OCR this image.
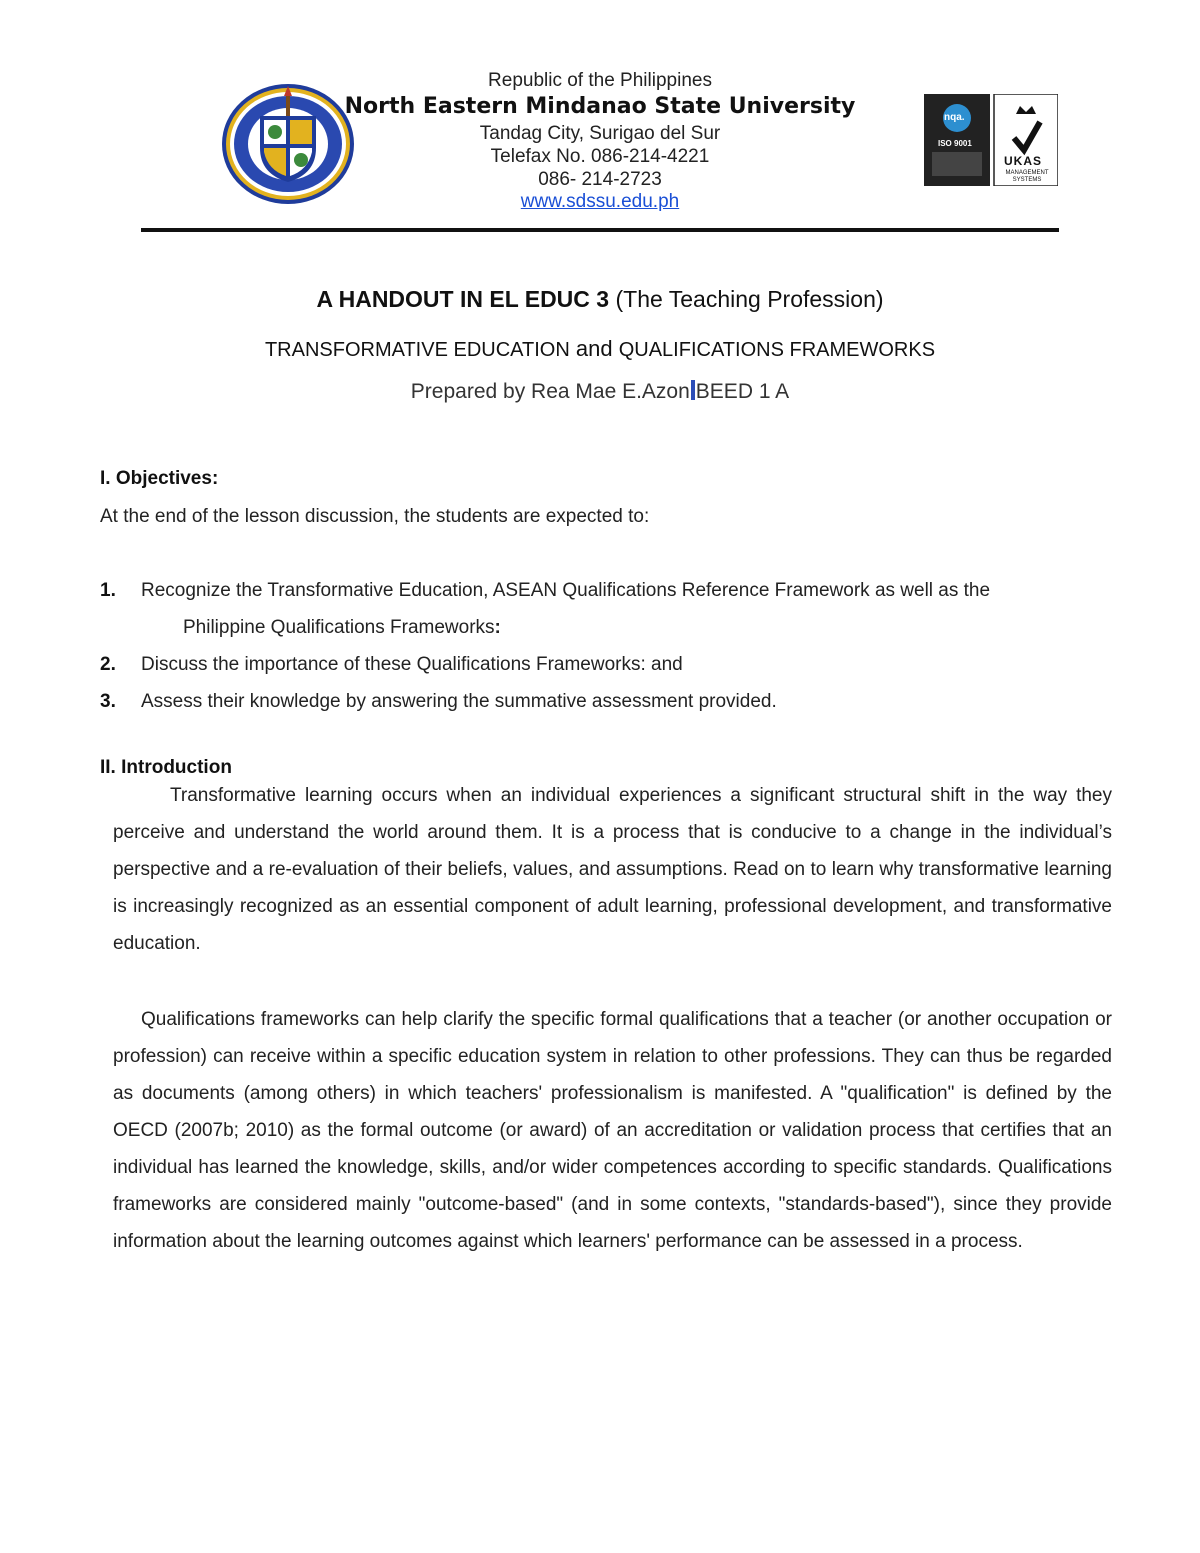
Republic of the Philippines
North Eastern Mindanao State University
Tandag City, Surigao del Sur
Telefax No. 086-214-4221
086- 214-2723
www.sdssu.edu.ph
nqa.
ISO 9001
UKAS
MANAGEMENT SYSTEMS
A HANDOUT IN EL EDUC 3 (The Teaching Profession)
TRANSFORMATIVE EDUCATION and QUALIFICATIONS FRAMEWORKS
Prepared by Rea Mae E.Azon BEED 1 A
I. Objectives:
At the end of the lesson discussion, the students are expected to:
1. Recognize the Transformative Education, ASEAN Qualifications Reference Framework as well as the
Philippine Qualifications Frameworks:
2. Discuss the importance of these Qualifications Frameworks: and
3. Assess their knowledge by answering the summative assessment provided.
II. Introduction

Transformative learning occurs when an individual experiences a significant structural shift in the way they perceive and understand the world around them. It is a process that is conducive to a change in the individual’s perspective and a re-evaluation of their beliefs, values, and assumptions. Read on to learn why transformative learning is increasingly recognized as an essential component of adult learning, professional development, and transformative education.

Qualifications frameworks can help clarify the specific formal qualifications that a teacher (or another occupation or profession) can receive within a specific education system in relation to other professions. They can thus be regarded as documents (among others) in which teachers' professionalism is manifested. A "qualification" is defined by the OECD (2007b; 2010) as the formal outcome (or award) of an accreditation or validation process that certifies that an individual has learned the knowledge, skills, and/or wider competences according to specific standards. Qualifications frameworks are considered mainly "outcome-based" (and in some contexts, "standards-based"), since they provide information about the learning outcomes against which learners' performance can be assessed in a process.
